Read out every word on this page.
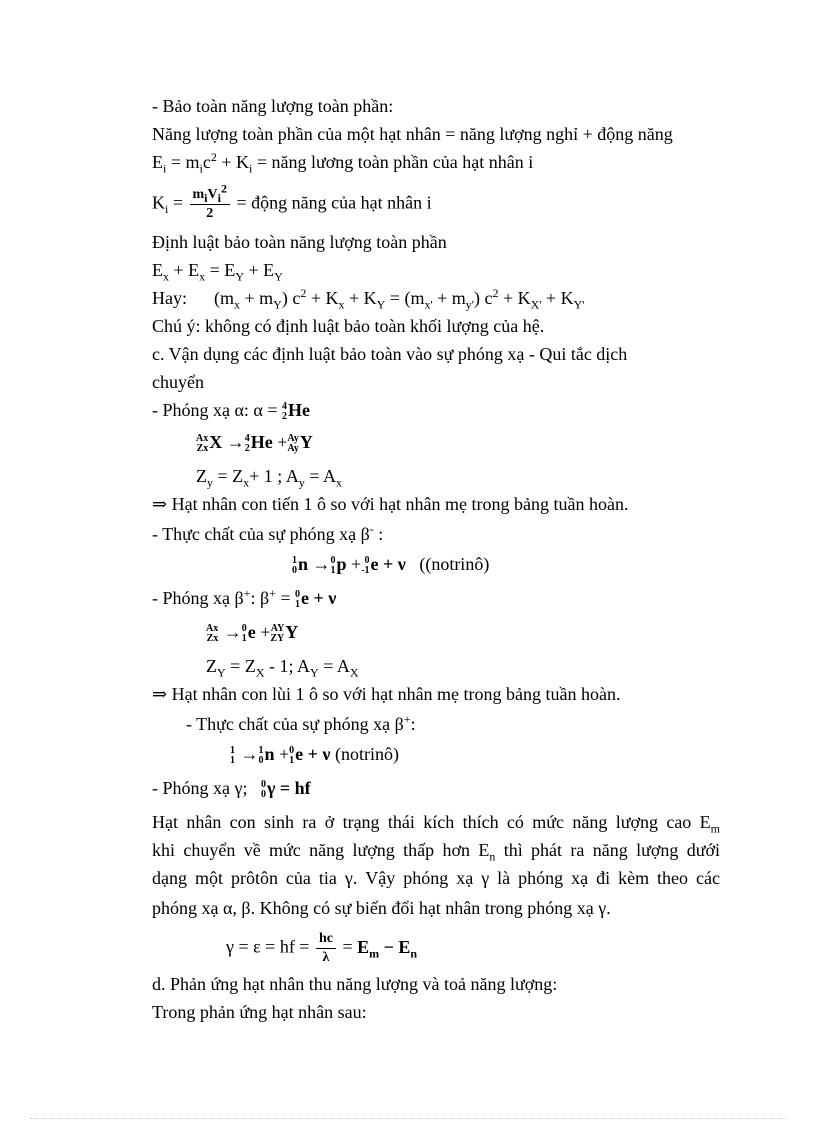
- Bảo toàn năng lượng toàn phần:
Năng lượng toàn phần của một hạt nhân = năng lượng nghỉ + động năng
$E_i = m_ic^2 + K_i$ = năng lương toàn phần của hạt nhân i
$K_i = \frac{m_iV_i^2}{2}$ = động năng của hạt nhân i
Định luật bảo toàn năng lượng toàn phần
$E_x + E_x = E_Y + E_Y$
Hay:      $(m_x + m_Y) c^2 + K_x + K_Y = (m_{x'} + m_{y'}) c^2 + K_{X'} + K_{Y'}$
Chú ý: không có định luật bảo toàn khối lượng của hệ.
c. Vận dụng các định luật bảo toàn vào sự phóng xạ - Qui tắc dịch
chuyển
- Phóng xạ α: α = 4
2 He
Ax
Zx X → 4
2 He + Ay
Ay Y
$Z_y = Z_x+ 1$ ; $A_y = A_x$
⇒ Hạt nhân con tiến 1 ô so với hạt nhân mẹ trong bảng tuần hoàn.
- Thực chất của sự phóng xạ β- :
1
0 n → 0
1 p + 0
-1 e + ν ((notrinô)
- Phóng xạ β+: β+ = 0
1 e + ν
Ax
Zx → 0
1 e + AY
ZY Y
$Z_Y = Z_X - 1$; $A_Y = A_X$
⇒ Hạt nhân con lùi 1 ô so với hạt nhân mẹ trong bảng tuần hoàn.
- Thực chất của sự phóng xạ β+:
1
1 → 1
0 n + 0
1 e + ν (notrinô)
- Phóng xạ γ; 0
0 γ = hf
Hạt nhân con sinh ra ở trạng thái kích thích có mức năng lượng cao $E_m$
khi chuyển về mức năng lượng thấp hơn $E_n$ thì phát ra năng lượng dưới
dạng một prôtôn của tia γ. Vậy phóng xạ γ là phóng xạ đi kèm theo các
phóng xạ α, β. Không có sự biến đổi hạt nhân trong phóng xạ γ.
γ = ε = hf = $\frac{hc}{\lambda} = E_m - E_n$
d. Phản ứng hạt nhân thu năng lượng và toả năng lượng:
Trong phản ứng hạt nhân sau:
